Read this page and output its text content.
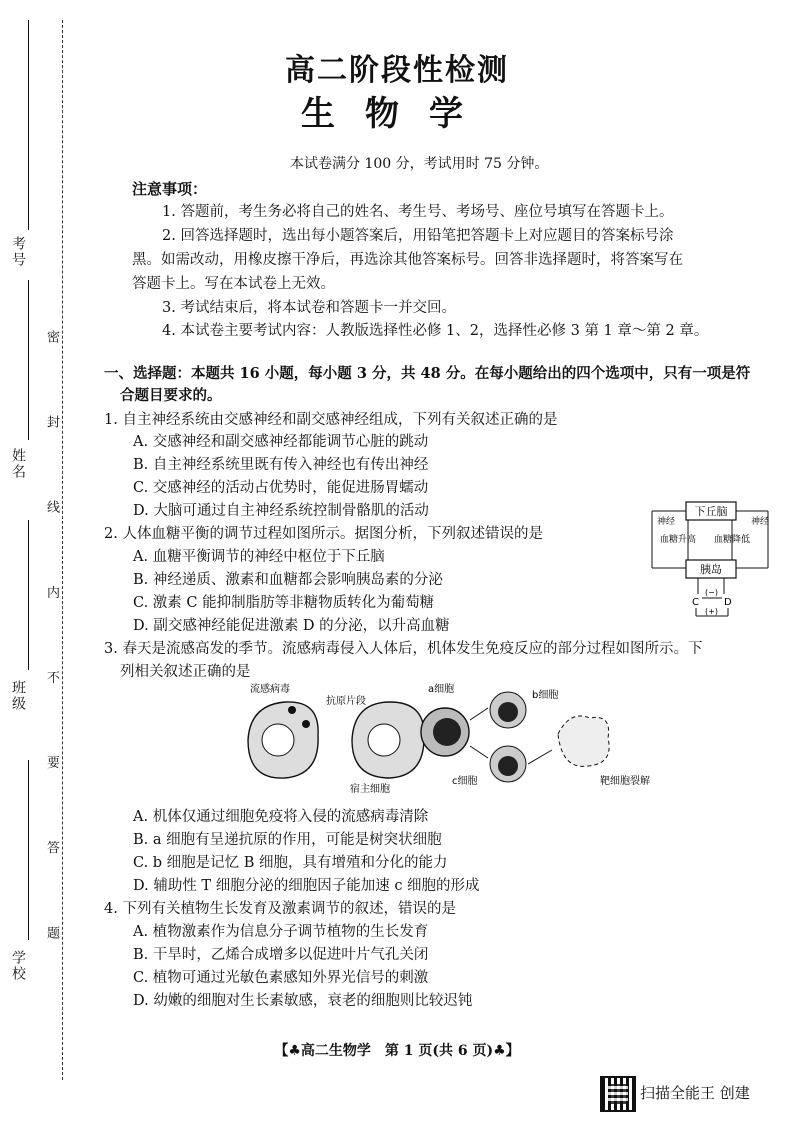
考号
姓名
班级
学校 密 封 线 内 不 要 答 题
高二阶段性检测
生物学
本试卷满分 100 分，考试用时 75 分钟。
注意事项：
1. 答题前，考生务必将自己的姓名、考生号、考场号、座位号填写在答题卡上。
2. 回答选择题时，选出每小题答案后，用铅笔把答题卡上对应题目的答案标号涂
黑。如需改动，用橡皮擦干净后，再选涂其他答案标号。回答非选择题时，将答案写在
答题卡上。写在本试卷上无效。
3. 考试结束后，将本试卷和答题卡一并交回。
4. 本试卷主要考试内容：人教版选择性必修 1、2，选择性必修 3 第 1 章～第 2 章。
一、选择题：本题共 16 小题，每小题 3 分，共 48 分。在每小题给出的四个选项中，只有一项是符
合题目要求的。
1. 自主神经系统由交感神经和副交感神经组成，下列有关叙述正确的是
A. 交感神经和副交感神经都能调节心脏的跳动
B. 自主神经系统里既有传入神经也有传出神经
C. 交感神经的活动占优势时，能促进肠胃蠕动
D. 大脑可通过自主神经系统控制骨骼肌的活动
2. 人体血糖平衡的调节过程如图所示。据图分析，下列叙述错误的是
A. 血糖平衡调节的神经中枢位于下丘脑
B. 神经递质、激素和血糖都会影响胰岛素的分泌
C. 激素 C 能抑制脂肪等非糖物质转化为葡萄糖
D. 副交感神经能促进激素 D 的分泌，以升高血糖
下丘脑
神经	神经
血糖升高 血糖降低
胰岛
C	D
(−)
(+)
3. 春天是流感高发的季节。流感病毒侵入人体后，机体发生免疫反应的部分过程如图所示。下
列相关叙述正确的是
流感病毒
抗原片段
宿主细胞
a细胞
b细胞
c细胞	靶细胞裂解
A. 机体仅通过细胞免疫将入侵的流感病毒清除
B. a 细胞有呈递抗原的作用，可能是树突状细胞
C. b 细胞是记忆 B 细胞，具有增殖和分化的能力
D. 辅助性 T 细胞分泌的细胞因子能加速 c 细胞的形成
4. 下列有关植物生长发育及激素调节的叙述，错误的是
A. 植物激素作为信息分子调节植物的生长发育
B. 干旱时，乙烯合成增多以促进叶片气孔关闭
C. 植物可通过光敏色素感知外界光信号的刺激
D. 幼嫩的细胞对生长素敏感，衰老的细胞则比较迟钝
【♣高二生物学　第 1 页(共 6 页)♣】
扫描全能王 创建
